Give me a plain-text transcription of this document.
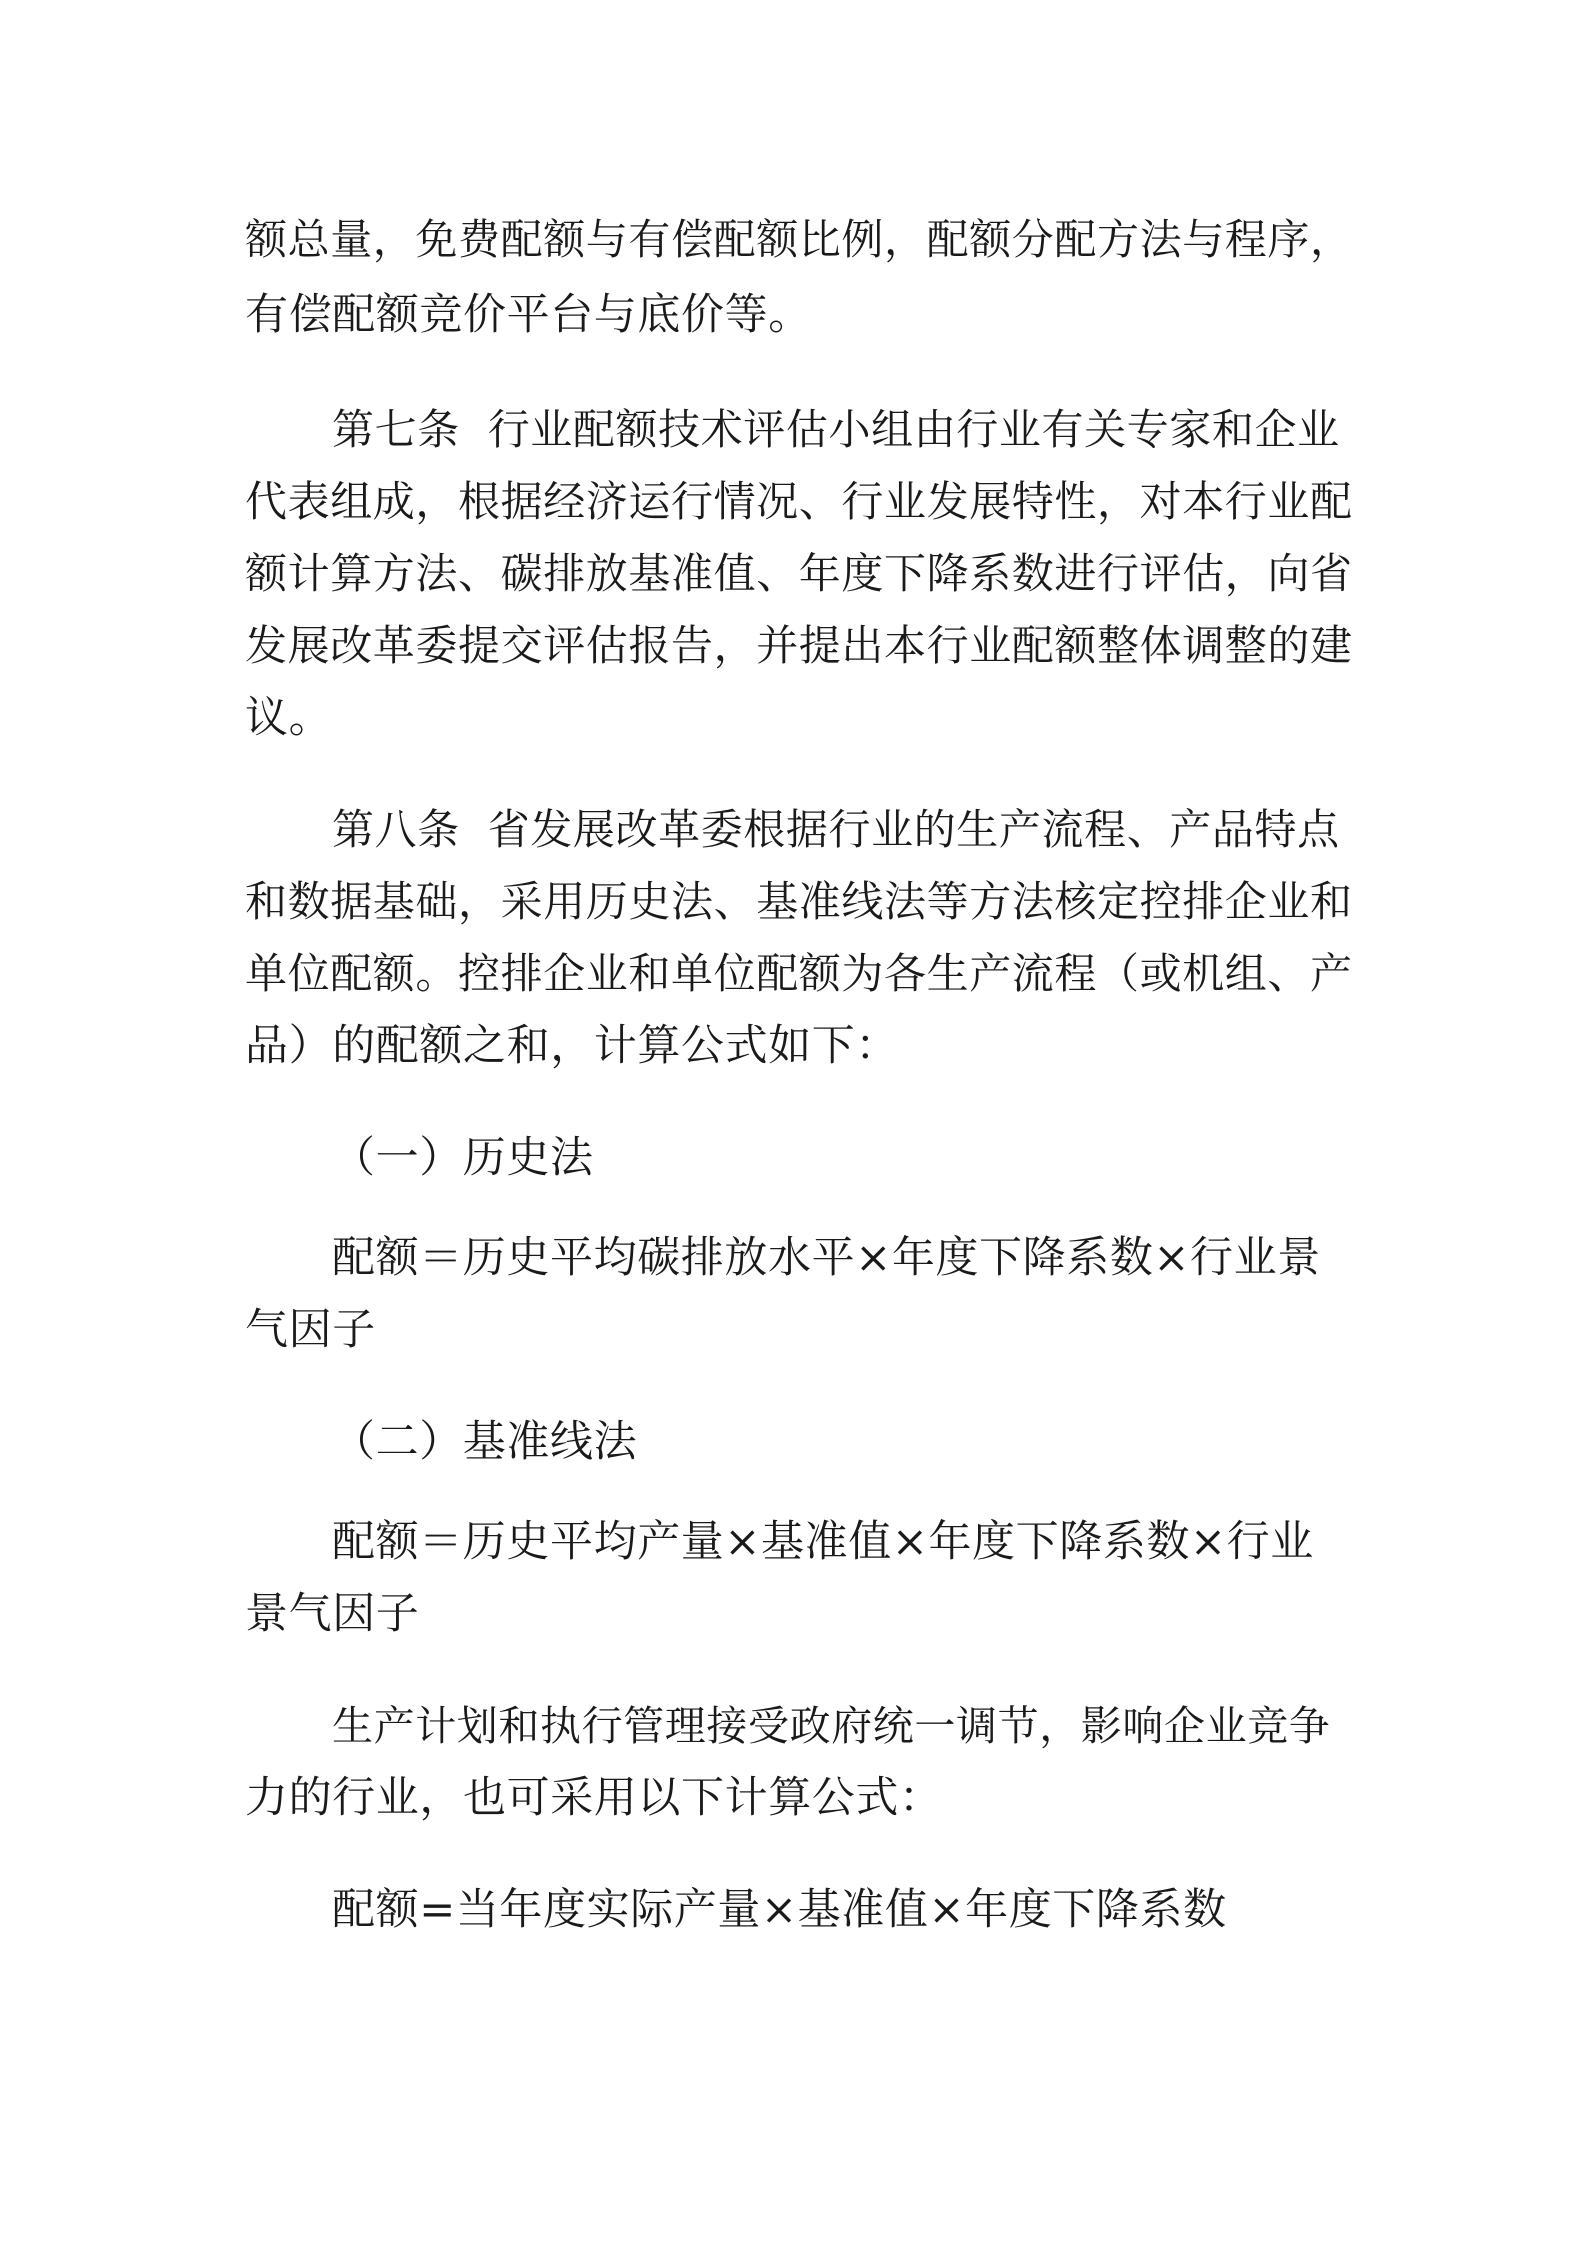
额总量，免费配额与有偿配额比例，配额分配方法与程序，
有偿配额竞价平台与底价等。
第七条  行业配额技术评估小组由行业有关专家和企业
代表组成，根据经济运行情况、行业发展特性，对本行业配
额计算方法、碳排放基准值、年度下降系数进行评估，向省
发展改革委提交评估报告，并提出本行业配额整体调整的建
议。
第八条  省发展改革委根据行业的生产流程、产品特点
和数据基础，采用历史法、基准线法等方法核定控排企业和
单位配额。控排企业和单位配额为各生产流程（或机组、产
品）的配额之和，计算公式如下：
（一）历史法
配额＝历史平均碳排放水平×年度下降系数×行业景
气因子
（二）基准线法
配额＝历史平均产量×基准值×年度下降系数×行业
景气因子
生产计划和执行管理接受政府统一调节，影响企业竞争
力的行业，也可采用以下计算公式：
配额=当年度实际产量×基准值×年度下降系数
